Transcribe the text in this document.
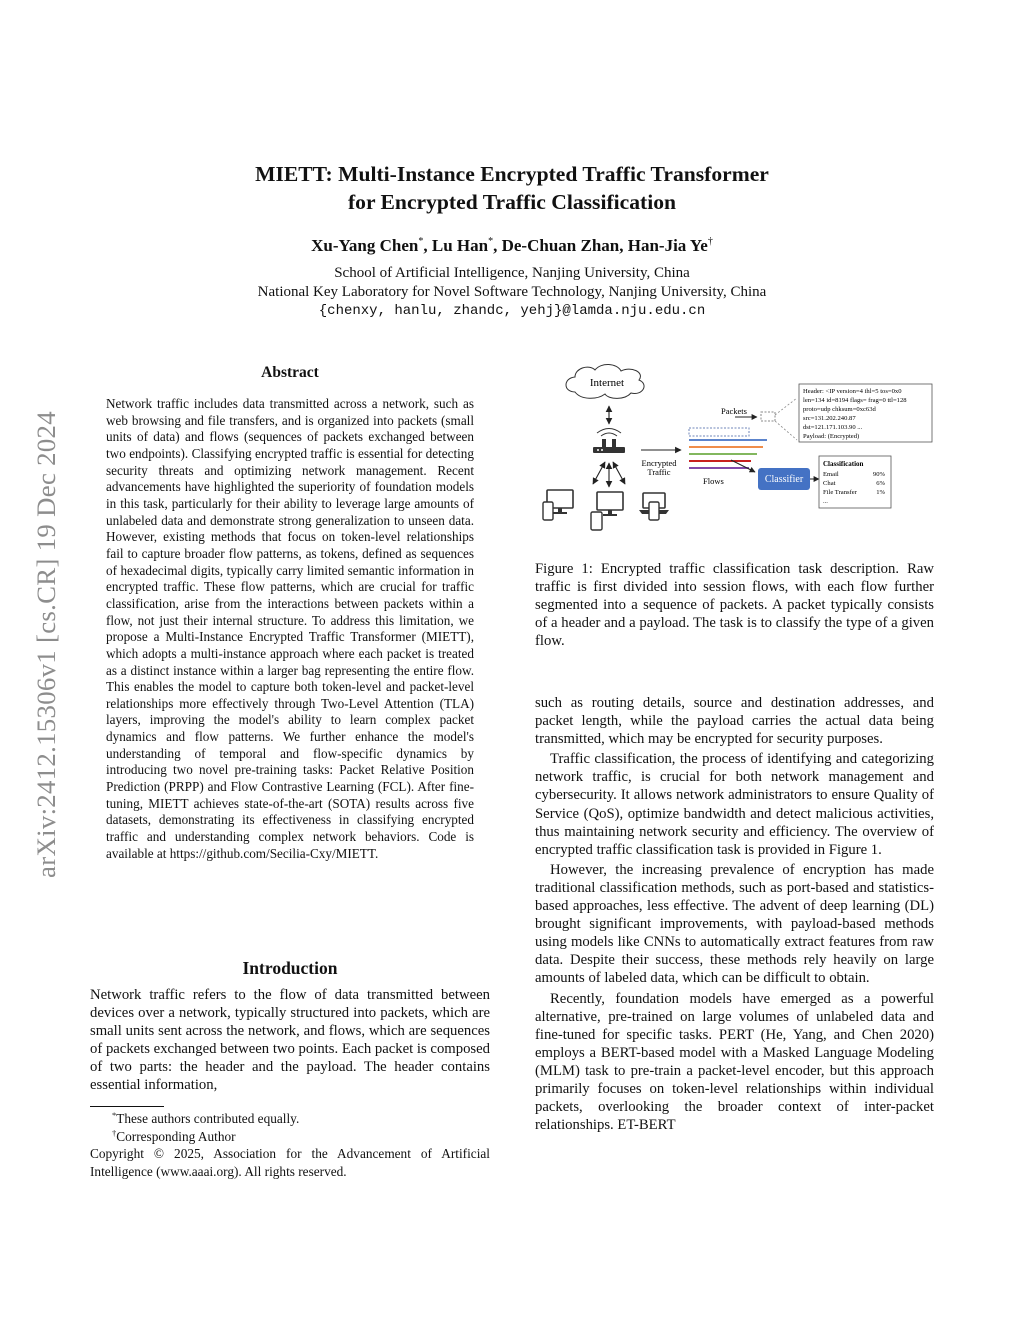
arXiv:2412.15306v1 [cs.CR] 19 Dec 2024
MIETT: Multi-Instance Encrypted Traffic Transformer
for Encrypted Traffic Classification
Xu-Yang Chen*, Lu Han*, De-Chuan Zhan, Han-Jia Ye†
School of Artificial Intelligence, Nanjing University, China
National Key Laboratory for Novel Software Technology, Nanjing University, China
{chenxy, hanlu, zhandc, yehj}@lamda.nju.edu.cn
Abstract

Network traffic includes data transmitted across a network, such as web browsing and file transfers, and is organized into packets (small units of data) and flows (sequences of packets exchanged between two endpoints). Classifying encrypted traffic is essential for detecting security threats and optimizing network management. Recent advancements have highlighted the superiority of foundation models in this task, particularly for their ability to leverage large amounts of unlabeled data and demonstrate strong generalization to unseen data. However, existing methods that focus on token-level relationships fail to capture broader flow patterns, as tokens, defined as sequences of hexadecimal digits, typically carry limited semantic information in encrypted traffic. These flow patterns, which are crucial for traffic classification, arise from the interactions between packets within a flow, not just their internal structure. To address this limitation, we propose a Multi-Instance Encrypted Traffic Transformer (MIETT), which adopts a multi-instance approach where each packet is treated as a distinct instance within a larger bag representing the entire flow. This enables the model to capture both token-level and packet-level relationships more effectively through Two-Level Attention (TLA) layers, improving the model's ability to learn complex packet dynamics and flow patterns. We further enhance the model's understanding of temporal and flow-specific dynamics by introducing two novel pre-training tasks: Packet Relative Position Prediction (PRPP) and Flow Contrastive Learning (FCL). After fine-tuning, MIETT achieves state-of-the-art (SOTA) results across five datasets, demonstrating its effectiveness in classifying encrypted traffic and understanding complex network behaviors. Code is available at https://github.com/Secilia-Cxy/MIETT.

Introduction

Network traffic refers to the flow of data transmitted between devices over a network, typically structured into packets, which are small units sent across the network, and flows, which are sequences of packets exchanged between two points. Each packet is composed of two parts: the header and the payload. The header contains essential information,

*These authors contributed equally.
†Corresponding Author
Copyright © 2025, Association for the Advancement of Artificial Intelligence (www.aaai.org). All rights reserved.
Internet
Encrypted
Traffic
Packets
Flows	Classifier
Header: <IP version=4 ihl=5 tos=0x0
len=134 id=8194 flags= frag=0 ttl=128
proto=udp chksum=0xc63d
src=131.202.240.87
dst=121.171.103.90 ...
Payload: (Encrypted)
Classification
Email	90%
Chat	6%
File Transfer	1%
...

Figure 1: Encrypted traffic classification task description. Raw traffic is first divided into session flows, with each flow further segmented into a sequence of packets. A packet typically consists of a header and a payload. The task is to classify the type of a given flow.

such as routing details, source and destination addresses, and packet length, while the payload carries the actual data being transmitted, which may be encrypted for security purposes.

Traffic classification, the process of identifying and categorizing network traffic, is crucial for both network management and cybersecurity. It allows network administrators to ensure Quality of Service (QoS), optimize bandwidth and detect malicious activities, thus maintaining network security and efficiency. The overview of encrypted traffic classification task is provided in Figure 1.

However, the increasing prevalence of encryption has made traditional classification methods, such as port-based and statistics-based approaches, less effective. The advent of deep learning (DL) brought significant improvements, with payload-based methods using models like CNNs to automatically extract features from raw data. Despite their success, these methods rely heavily on large amounts of labeled data, which can be difficult to obtain.

Recently, foundation models have emerged as a powerful alternative, pre-trained on large volumes of unlabeled data and fine-tuned for specific tasks. PERT (He, Yang, and Chen 2020) employs a BERT-based model with a Masked Language Modeling (MLM) task to pre-train a packet-level encoder, but this approach primarily focuses on token-level relationships within individual packets, overlooking the broader context of inter-packet relationships. ET-BERT
